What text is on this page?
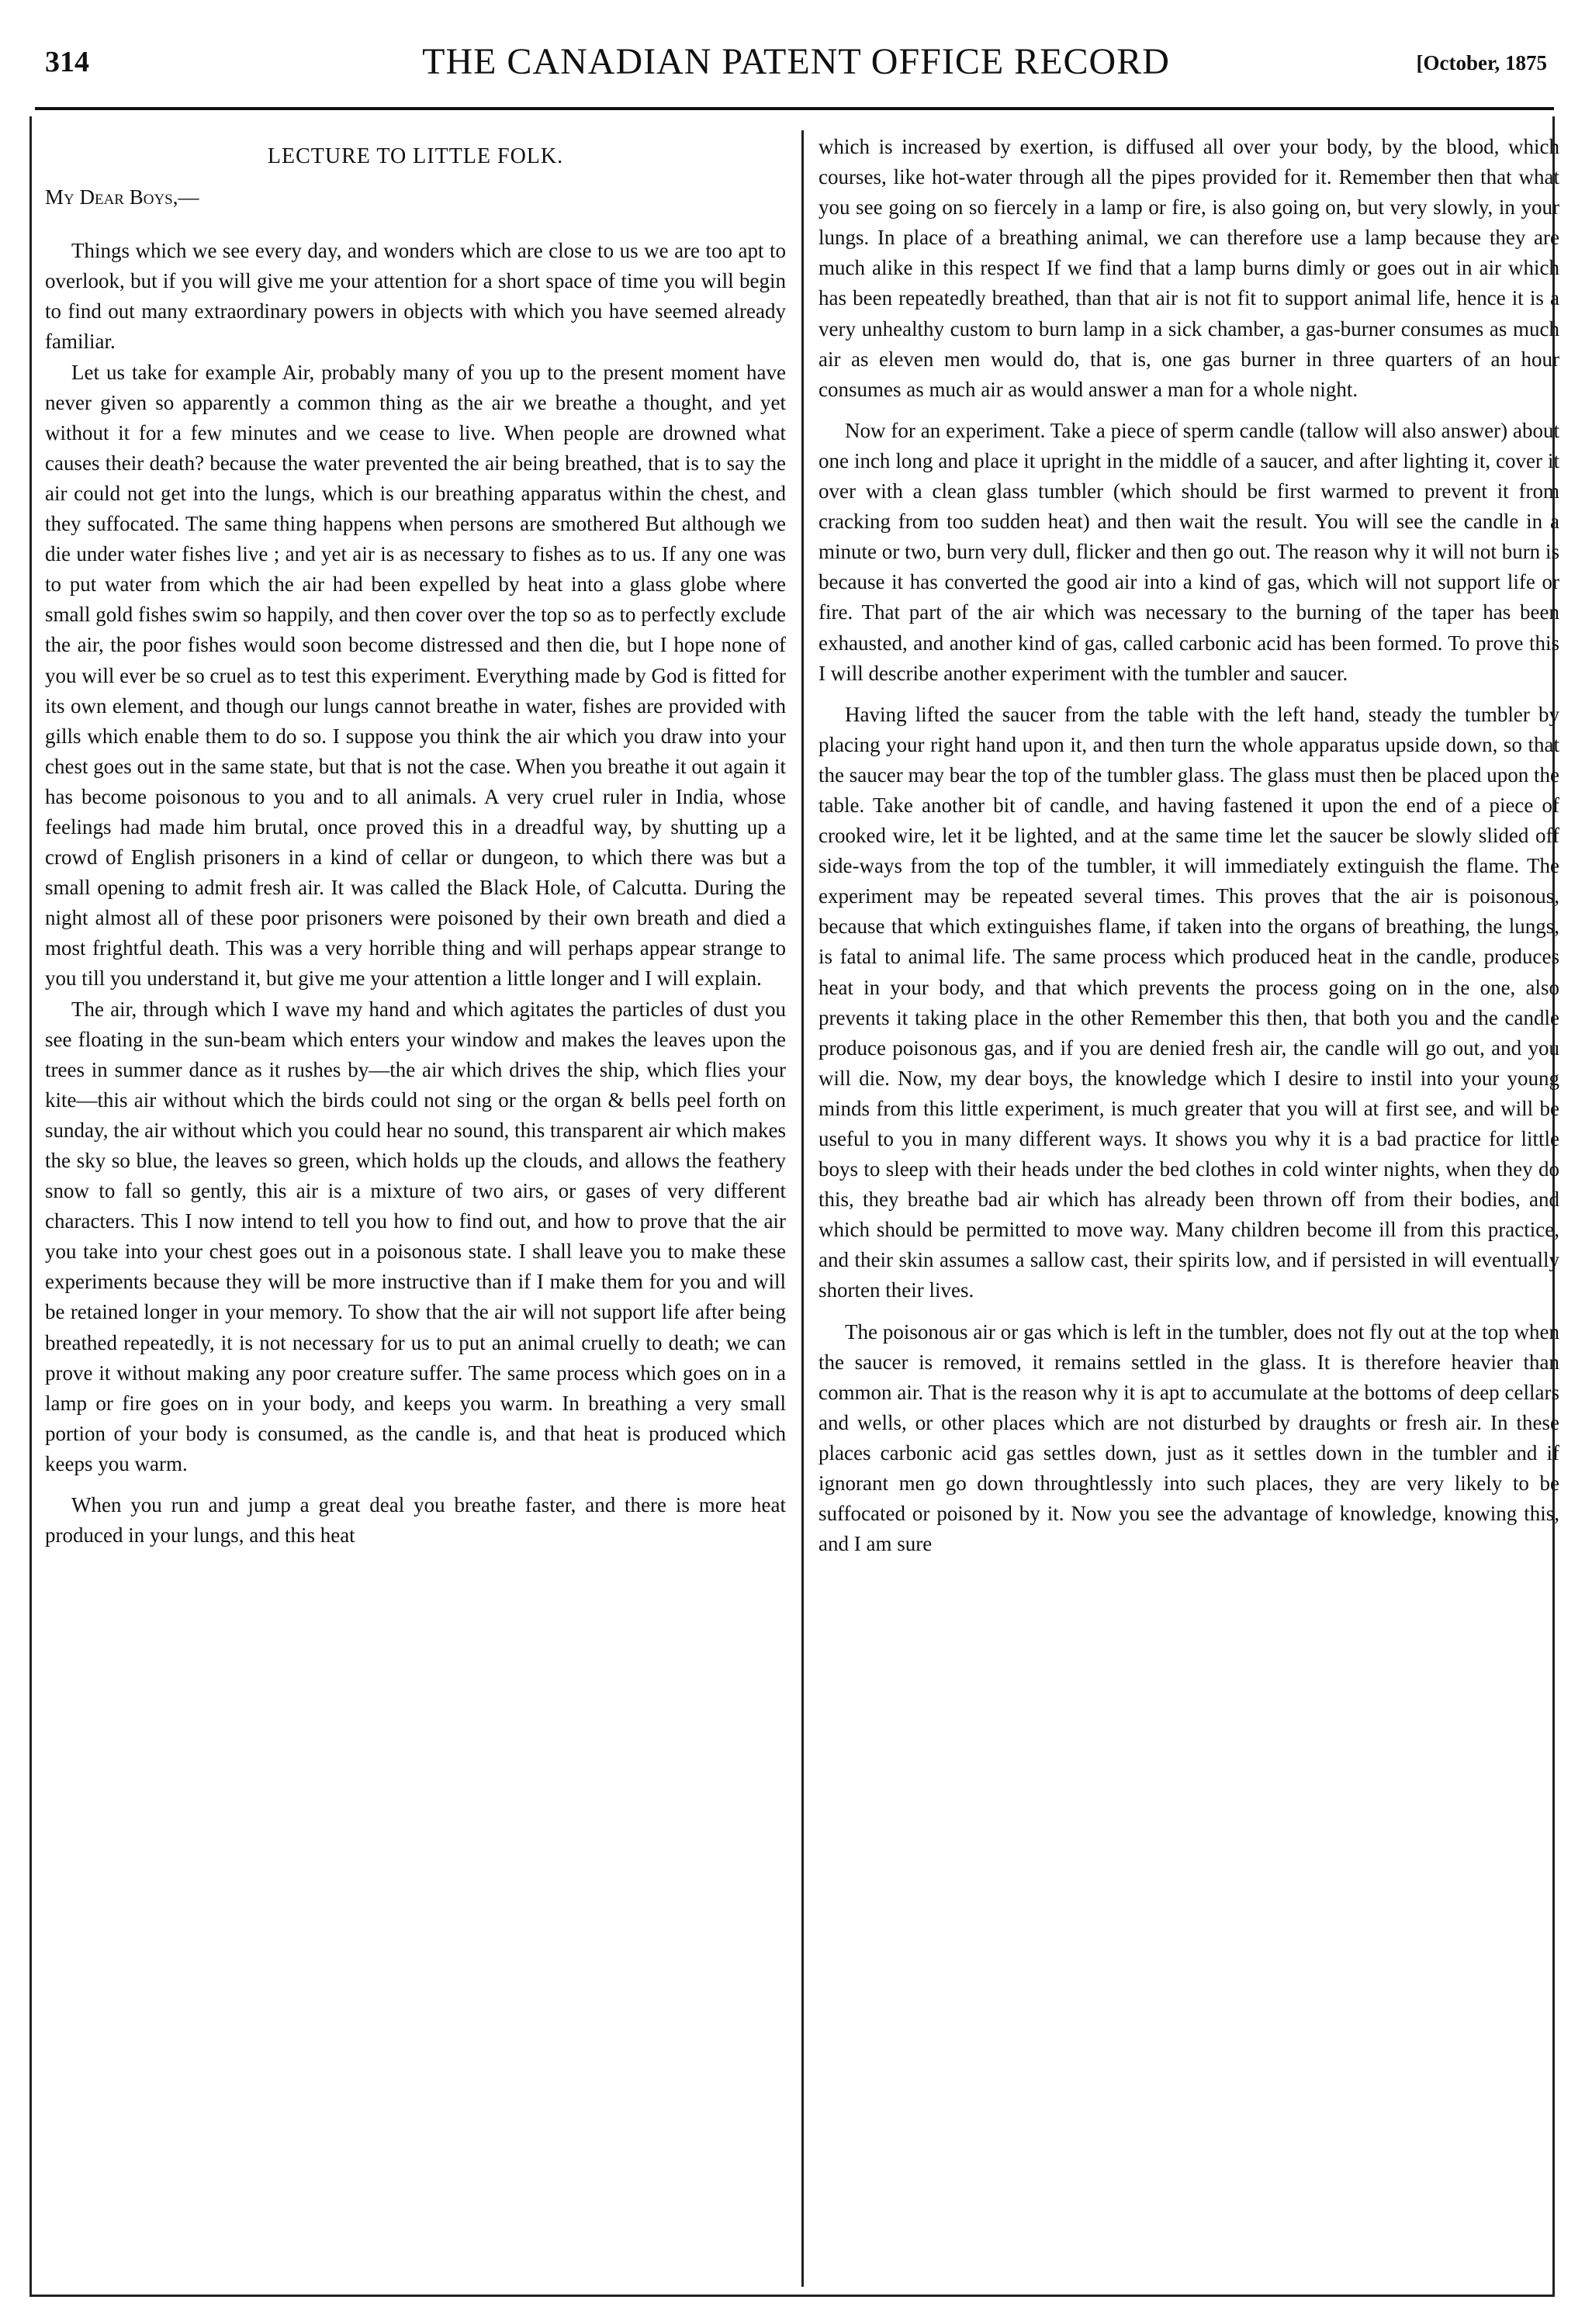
314	THE CANADIAN PATENT OFFICE RECORD	[October, 1875
LECTURE TO LITTLE FOLK.
My Dear Boys,—

Things which we see every day, and wonders which are close to us we are too apt to overlook, but if you will give me your attention for a short space of time you will begin to find out many extraordinary powers in objects with which you have seemed already familiar.

Let us take for example Air, probably many of you up to the present moment have never given so apparently a common thing as the air we breathe a thought, and yet without it for a few minutes and we cease to live. When people are drowned what causes their death? because the water prevented the air being breathed, that is to say the air could not get into the lungs, which is our breathing apparatus within the chest, and they suffocated. The same thing happens when persons are smothered But although we die under water fishes live ; and yet air is as necessary to fishes as to us. If any one was to put water from which the air had been expelled by heat into a glass globe where small gold fishes swim so happily, and then cover over the top so as to perfectly exclude the air, the poor fishes would soon become distressed and then die, but I hope none of you will ever be so cruel as to test this experiment. Everything made by God is fitted for its own element, and though our lungs cannot breathe in water, fishes are provided with gills which enable them to do so. I suppose you think the air which you draw into your chest goes out in the same state, but that is not the case. When you breathe it out again it has become poisonous to you and to all animals. A very cruel ruler in India, whose feelings had made him brutal, once proved this in a dreadful way, by shutting up a crowd of English prisoners in a kind of cellar or dungeon, to which there was but a small opening to admit fresh air. It was called the Black Hole, of Calcutta. During the night almost all of these poor prisoners were poisoned by their own breath and died a most frightful death. This was a very horrible thing and will perhaps appear strange to you till you understand it, but give me your attention a little longer and I will explain.

The air, through which I wave my hand and which agitates the particles of dust you see floating in the sun-beam which enters your window and makes the leaves upon the trees in summer dance as it rushes by—the air which drives the ship, which flies your kite—this air without which the birds could not sing or the organ & bells peel forth on sunday, the air without which you could hear no sound, this transparent air which makes the sky so blue, the leaves so green, which holds up the clouds, and allows the feathery snow to fall so gently, this air is a mixture of two airs, or gases of very different characters. This I now intend to tell you how to find out, and how to prove that the air you take into your chest goes out in a poisonous state. I shall leave you to make these experiments because they will be more instructive than if I make them for you and will be retained longer in your memory. To show that the air will not support life after being breathed repeatedly, it is not necessary for us to put an animal cruelly to death; we can prove it without making any poor creature suffer. The same process which goes on in a lamp or fire goes on in your body, and keeps you warm. In breathing a very small portion of your body is consumed, as the candle is, and that heat is produced which keeps you warm.

When you run and jump a great deal you breathe faster, and there is more heat produced in your lungs, and this heat

which is increased by exertion, is diffused all over your body, by the blood, which courses, like hot-water through all the pipes provided for it. Remember then that what you see going on so fiercely in a lamp or fire, is also going on, but very slowly, in your lungs. In place of a breathing animal, we can therefore use a lamp because they are much alike in this respect If we find that a lamp burns dimly or goes out in air which has been repeatedly breathed, than that air is not fit to support animal life, hence it is a very unhealthy custom to burn lamp in a sick chamber, a gas-burner consumes as much air as eleven men would do, that is, one gas burner in three quarters of an hour consumes as much air as would answer a man for a whole night.

Now for an experiment. Take a piece of sperm candle (tallow will also answer) about one inch long and place it upright in the middle of a saucer, and after lighting it, cover it over with a clean glass tumbler (which should be first warmed to prevent it from cracking from too sudden heat) and then wait the result. You will see the candle in a minute or two, burn very dull, flicker and then go out. The reason why it will not burn is because it has converted the good air into a kind of gas, which will not support life or fire. That part of the air which was necessary to the burning of the taper has been exhausted, and another kind of gas, called carbonic acid has been formed. To prove this I will describe another experiment with the tumbler and saucer.

Having lifted the saucer from the table with the left hand, steady the tumbler by placing your right hand upon it, and then turn the whole apparatus upside down, so that the saucer may bear the top of the tumbler glass. The glass must then be placed upon the table. Take another bit of candle, and having fastened it upon the end of a piece of crooked wire, let it be lighted, and at the same time let the saucer be slowly slided off side-ways from the top of the tumbler, it will immediately extinguish the flame. The experiment may be repeated several times. This proves that the air is poisonous, because that which extinguishes flame, if taken into the organs of breathing, the lungs, is fatal to animal life. The same process which produced heat in the candle, produces heat in your body, and that which prevents the process going on in the one, also prevents it taking place in the other Remember this then, that both you and the candle produce poisonous gas, and if you are denied fresh air, the candle will go out, and you will die. Now, my dear boys, the knowledge which I desire to instil into your young minds from this little experiment, is much greater that you will at first see, and will be useful to you in many different ways. It shows you why it is a bad practice for little boys to sleep with their heads under the bed clothes in cold winter nights, when they do this, they breathe bad air which has already been thrown off from their bodies, and which should be permitted to move way. Many children become ill from this practice, and their skin assumes a sallow cast, their spirits low, and if persisted in will eventually shorten their lives.

The poisonous air or gas which is left in the tumbler, does not fly out at the top when the saucer is removed, it remains settled in the glass. It is therefore heavier than common air. That is the reason why it is apt to accumulate at the bottoms of deep cellars and wells, or other places which are not disturbed by draughts or fresh air. In these places carbonic acid gas settles down, just as it settles down in the tumbler and if ignorant men go down throughtlessly into such places, they are very likely to be suffocated or poisoned by it. Now you see the advantage of knowledge, knowing this, and I am sure
